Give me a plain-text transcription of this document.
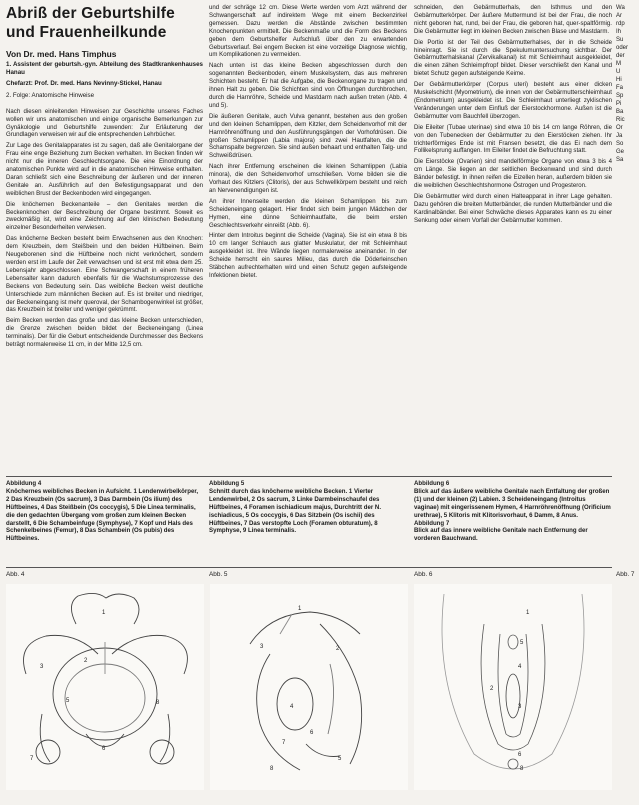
Abriß der Geburtshilfe
und Frauenheilkunde
Von Dr. med. Hans Timphus
1. Assistent der geburtsh.-gyn. Abteilung des Stadtkrankenhauses Hanau
Chefarzt: Prof. Dr. med. Hans Nevinny-Stickel, Hanau
2. Folge: Anatomische Hinweise

Nach diesen einleitenden Hinweisen zur Geschichte unseres Faches wollen wir uns anatomischen und einige organische Bemerkungen zur Gynäkologie und Geburtshilfe zuwenden: Zur Erläuterung der Grundlagen verweisen wir auf die entsprechenden Lehrbücher.

Zur Lage des Genitalapparates ist zu sagen, daß alle Genitalorgane der Frau eine enge Beziehung zum Becken verhalten. Im Becken finden wir nicht nur die inneren Geschlechtsorgane. Die eine Einordnung der anatomischen Punkte wird auf in die anatomischen Hinweise enthalten. Daran schließt sich eine Beschreibung der äußeren und der inneren Genitale an. Ausführlich auf den Befestigungsapparat und den weiblichen Brust der Beckenboden wird eingegangen.

Die knöchernen Beckenanteile – den Genitales werden die Beckenknochen der Beschreibung der Organe bestimmt. Soweit es zweckmäßig ist, wird eine Zeichnung auf den klinischen Bedeutung einzelner Besonderheiten verwiesen.

Das knöcherne Becken besteht beim Erwachsenen aus den Knochen: dem Kreuzbein, dem Steißbein und den beiden Hüftbeinen. Beim Neugeborenen sind die Hüftbeine noch nicht verknöchert, sondern werden erst im Laufe der Zeit verwachsen und ist erst mit etwa dem 25. Lebensjahr abgeschlossen. Eine Schwangerschaft in einem früheren Lebensalter kann dadurch ebenfalls für die Wachstumsprozesse des Beckens von Bedeutung sein. Das weibliche Becken weist deutliche Unterschiede zum männlichen Becken auf. Es ist breiter und niedriger, der Beckeneingang ist mehr queroval, der Schambogenwinkel ist größer, das Kreuzbein ist breiter und weniger gekrümmt.

Beim Becken werden das große und das kleine Becken unterschieden, die Grenze zwischen beiden bildet der Beckeneingang (Linea terminalis). Der für die Geburt entscheidende Durchmesser des Beckens beträgt normalerweise 11 cm, in der Mitte 12,5 cm.

und der schräge 12 cm. Diese Werte werden vom Arzt während der Schwangerschaft auf indirektem Wege mit einem Beckenzirkel gemessen. Dazu werden die Abstände zwischen bestimmten Knochenpunkten ermittelt. Die Beckenmaße und die Form des Beckens geben dem Geburtshelfer Aufschluß über den zu erwartenden Geburtsverlauf. Bei engem Becken ist eine vorzeitige Diagnose wichtig, um Komplikationen zu vermeiden.

Nach unten ist das kleine Becken abgeschlossen durch den sogenannten Beckenboden, einem Muskelsystem, das aus mehreren Schichten besteht. Er hat die Aufgabe, die Beckenorgane zu tragen und ihnen Halt zu geben. Die Schichten sind von Öffnungen durchbrochen, durch die Harnröhre, Scheide und Mastdarm nach außen treten (Abb. 4 und 5).

Die äußeren Genitale, auch Vulva genannt, bestehen aus den großen und den kleinen Schamlippen, dem Kitzler, dem Scheidenvorhof mit der Harnröhrenöffnung und den Ausführungsgängen der Vorhofdrüsen. Die großen Schamlippen (Labia majora) sind zwei Hautfalten, die die Schamspalte begrenzen. Sie sind außen behaart und enthalten Talg- und Schweißdrüsen.

Nach ihrer Entfernung erscheinen die kleinen Schamlippen (Labia minora), die den Scheidenvorhof umschließen. Vorne bilden sie die Vorhaut des Kitzlers (Clitoris), der aus Schwellkörpern besteht und reich an Nervenendigungen ist.

An ihrer Innenseite werden die kleinen Schamlippen bis zum Scheideneingang gelagert. Hier findet sich beim jungen Mädchen der Hymen, eine dünne Schleimhautfalte, die beim ersten Geschlechtsverkehr einreißt (Abb. 6).

Hinter dem Introitus beginnt die Scheide (Vagina). Sie ist ein etwa 8 bis 10 cm langer Schlauch aus glatter Muskulatur, der mit Schleimhaut ausgekleidet ist. Ihre Wände liegen normalerweise aneinander. In der Scheide herrscht ein saures Milieu, das durch die Döderleinschen Stäbchen aufrechterhalten wird und einen Schutz gegen aufsteigende Infektionen bietet.

schneiden, den Gebärmutterhals, den Isthmus und den Gebärmutterkörper. Der äußere Muttermund ist bei der Frau, die noch nicht geboren hat, rund, bei der Frau, die geboren hat, quer-spaltförmig. Die Gebärmutter liegt im kleinen Becken zwischen Blase und Mastdarm.

Die Portio ist der Teil des Gebärmutterhalses, der in die Scheide hineinragt. Sie ist durch die Spekulumuntersuchung sichtbar. Der Gebärmutterhalskanal (Zervikalkanal) ist mit Schleimhaut ausgekleidet, die einen zähen Schleimpfropf bildet. Dieser verschließt den Kanal und bietet Schutz gegen aufsteigende Keime.

Der Gebärmutterkörper (Corpus uteri) besteht aus einer dicken Muskelschicht (Myometrium), die innen von der Gebärmutterschleimhaut (Endometrium) ausgekleidet ist. Die Schleimhaut unterliegt zyklischen Veränderungen unter dem Einfluß der Eierstockhormone. Außen ist die Gebärmutter vom Bauchfell überzogen.

Die Eileiter (Tubae uterinae) sind etwa 10 bis 14 cm lange Röhren, die von den Tubenecken der Gebärmutter zu den Eierstöcken ziehen. Ihr trichterförmiges Ende ist mit Fransen besetzt, die das Ei nach dem Follikelsprung auffangen. Im Eileiter findet die Befruchtung statt.

Die Eierstöcke (Ovarien) sind mandelförmige Organe von etwa 3 bis 4 cm Länge. Sie liegen an der seitlichen Beckenwand und sind durch Bänder befestigt. In ihnen reifen die Eizellen heran, außerdem bilden sie die weiblichen Geschlechtshormone Östrogen und Progesteron.

Die Gebärmutter wird durch einen Halteapparat in ihrer Lage gehalten. Dazu gehören die breiten Mutterbänder, die runden Mutterbänder und die Kardinalbänder. Bei einer Schwäche dieses Apparates kann es zu einer Senkung oder einem Vorfall der Gebärmutter kommen.

Wa
Ar
rdp
Ih
Su
oder
der
M
U
Hi
Fa
Sp
Pi
Ba
Ric
Or
Ja
So
Ge
Sa
Abbildung 4
Knöchernes weibliches Becken in Aufsicht. 1 Lendenwirbelkörper, 2 Das Kreuzbein (Os sacrum), 3 Das Darmbein (Os ilium) des Hüftbeines, 4 Das Steißbein (Os coccygis), 5 Die Linea terminalis, die den gedachten Übergang vom großen zum kleinen Becken darstellt, 6 Die Schambeinfuge (Symphyse), 7 Kopf und Hals des Schenkelbeines (Femur), 8 Das Schambein (Os pubis) des Hüftbeines.
Abbildung 5
Schnitt durch das knöcherne weibliche Becken. 1 Vierter Lendenwirbel, 2 Os sacrum, 3 Linke Darmbeinschaufel des Hüftbeines, 4 Foramen ischiadicum majus, Durchtritt der N. ischiadicus, 5 Os coccygis, 6 Das Sitzbein (Os ischii) des Hüftbeines, 7 Das verstopfte Loch (Foramen obturatum), 8 Symphyse, 9 Linea terminalis.
Abbildung 6
Blick auf das äußere weibliche Genitale nach Entfaltung der großen (1) und der kleinen (2) Labien. 3 Scheideneingang (Introitus vaginae) mit eingerissenem Hymen, 4 Harnröhrenöffnung (Orificium urethrae), 5 Klitoris mit Klitorisvorhaut, 6 Damm, 8 Anus.
Abbildung 7
Blick auf das innere weibliche Genitale nach Entfernung der vorderen Bauchwand.
Abb. 4	Abb. 5	Abb. 6	Abb. 7
1
2
3
5
6
7
8
1
2
3
4
5
6
7
8
1
2
3
4
5
6
8
